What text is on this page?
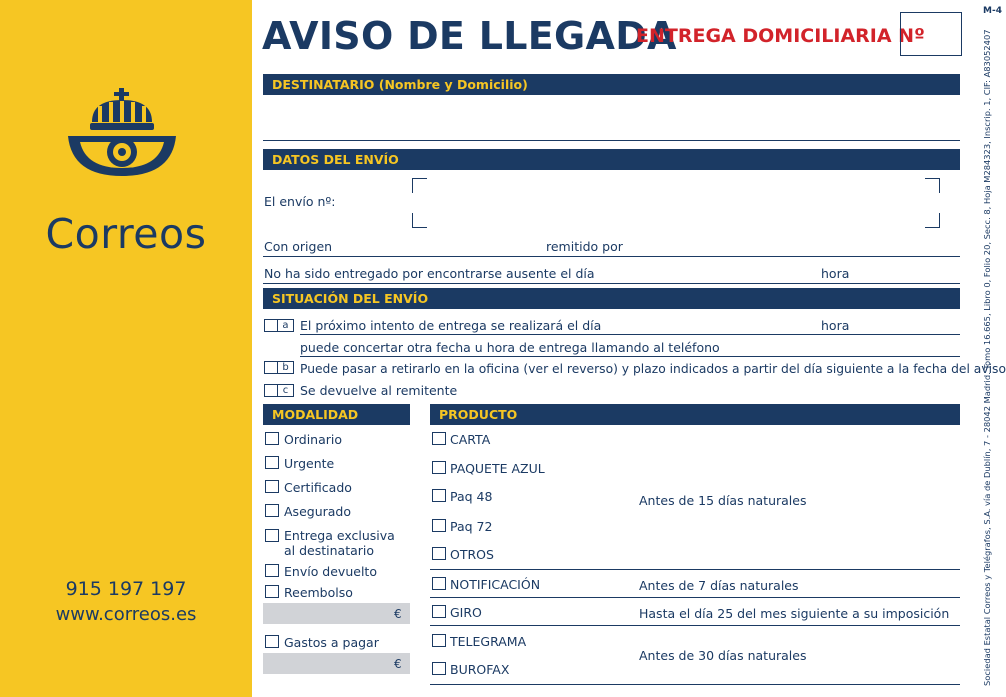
Correos
915 197 197
www.correos.es
AVISO DE LLEGADA
ENTREGA DOMICILIARIA Nº
M-4
Sociedad Estatal Correos y Telégrafos, S.A. vía de Dublín, 7 - 28042 Madrid. Tomo 16.665, Libro 0, Folio 20, Secc. 8, Hoja M284323, Inscrip. 1, CIF: A83052407
DESTINATARIO (Nombre y Domicilio)
DATOS DEL ENVÍO
El envío nº:
Con origen	remitido por
No ha sido entregado por encontrarse ausente el día	hora
SITUACIÓN DEL ENVÍO
a El próximo intento de entrega se realizará el día	hora
puede concertar otra fecha u hora de entrega llamando al teléfono
b Puede pasar a retirarlo en la oficina (ver el reverso) y plazo indicados a partir del día siguiente a la fecha del aviso
c Se devuelve al remitente
MODALIDAD
Ordinario
Urgente
Certificado
Asegurado
Entrega exclusiva
al destinatario
Envío devuelto
Reembolso
€
Gastos a pagar
€
PRODUCTO
CARTA
PAQUETE AZUL
Paq 48
Paq 72
OTROS
Antes de 15 días naturales
NOTIFICACIÓN	Antes de 7 días naturales
GIRO	Hasta el día 25 del mes siguiente a su imposición
TELEGRAMA
BUROFAX
Antes de 30 días naturales
